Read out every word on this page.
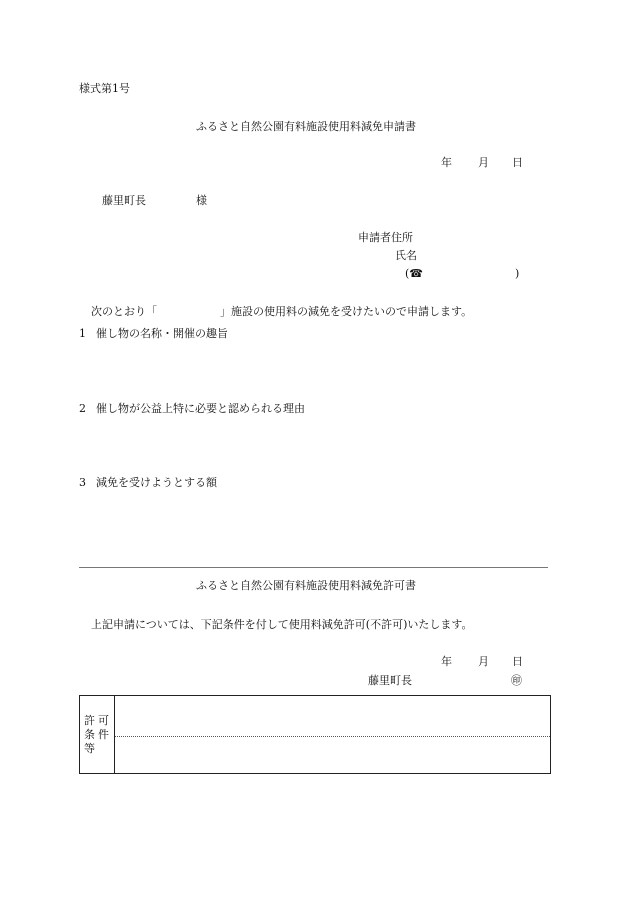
様式第1号
ふるさと自然公園有料施設使用料減免申請書
年 月 日
藤里町長	様
申請者住所
氏名
(☎	)
次のとおり「	」施設の使用料の減免を受けたいので申請します。
1 催し物の名称・開催の趣旨
2 催し物が公益上特に必要と認められる理由
3 減免を受けようとする額
ふるさと自然公園有料施設使用料減免許可書
上記申請については、下記条件を付して使用料減免許可(不許可)いたします。
年 月 日
藤里町長	㊞
許可条件等
